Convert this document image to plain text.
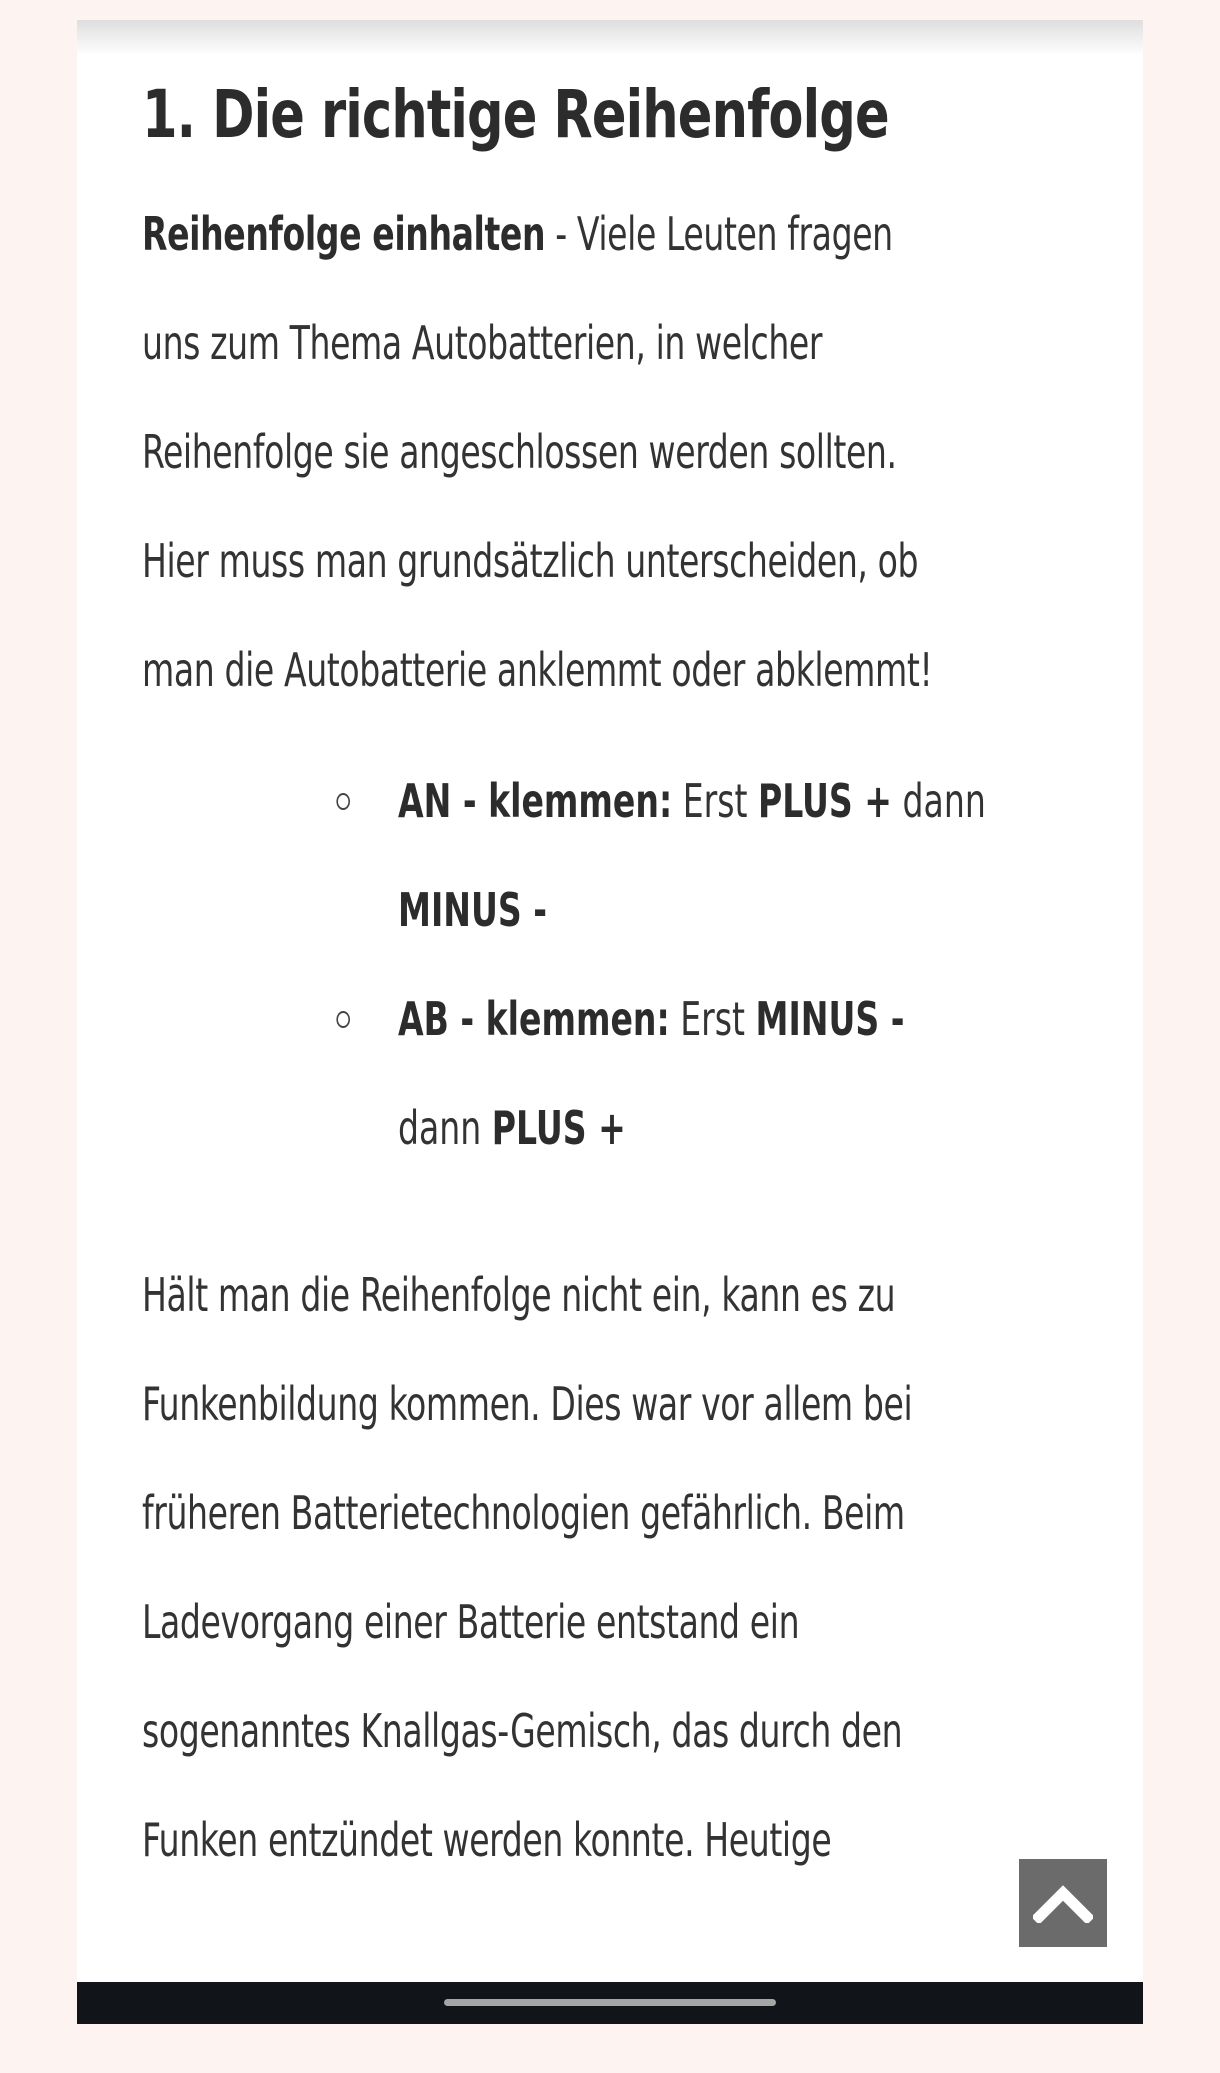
1. Die richtige Reihenfolge

Reihenfolge einhalten - Viele Leuten fragen
uns zum Thema Autobatterien, in welcher
Reihenfolge sie angeschlossen werden sollten.
Hier muss man grundsätzlich unterscheiden, ob
man die Autobatterie anklemmt oder abklemmt!

AN - klemmen: Erst PLUS + dann
MINUS -
AB - klemmen: Erst MINUS -
dann PLUS +

Hält man die Reihenfolge nicht ein, kann es zu
Funkenbildung kommen. Dies war vor allem bei
früheren Batterietechnologien gefährlich. Beim
Ladevorgang einer Batterie entstand ein
sogenanntes Knallgas-Gemisch, das durch den
Funken entzündet werden konnte. Heutige
